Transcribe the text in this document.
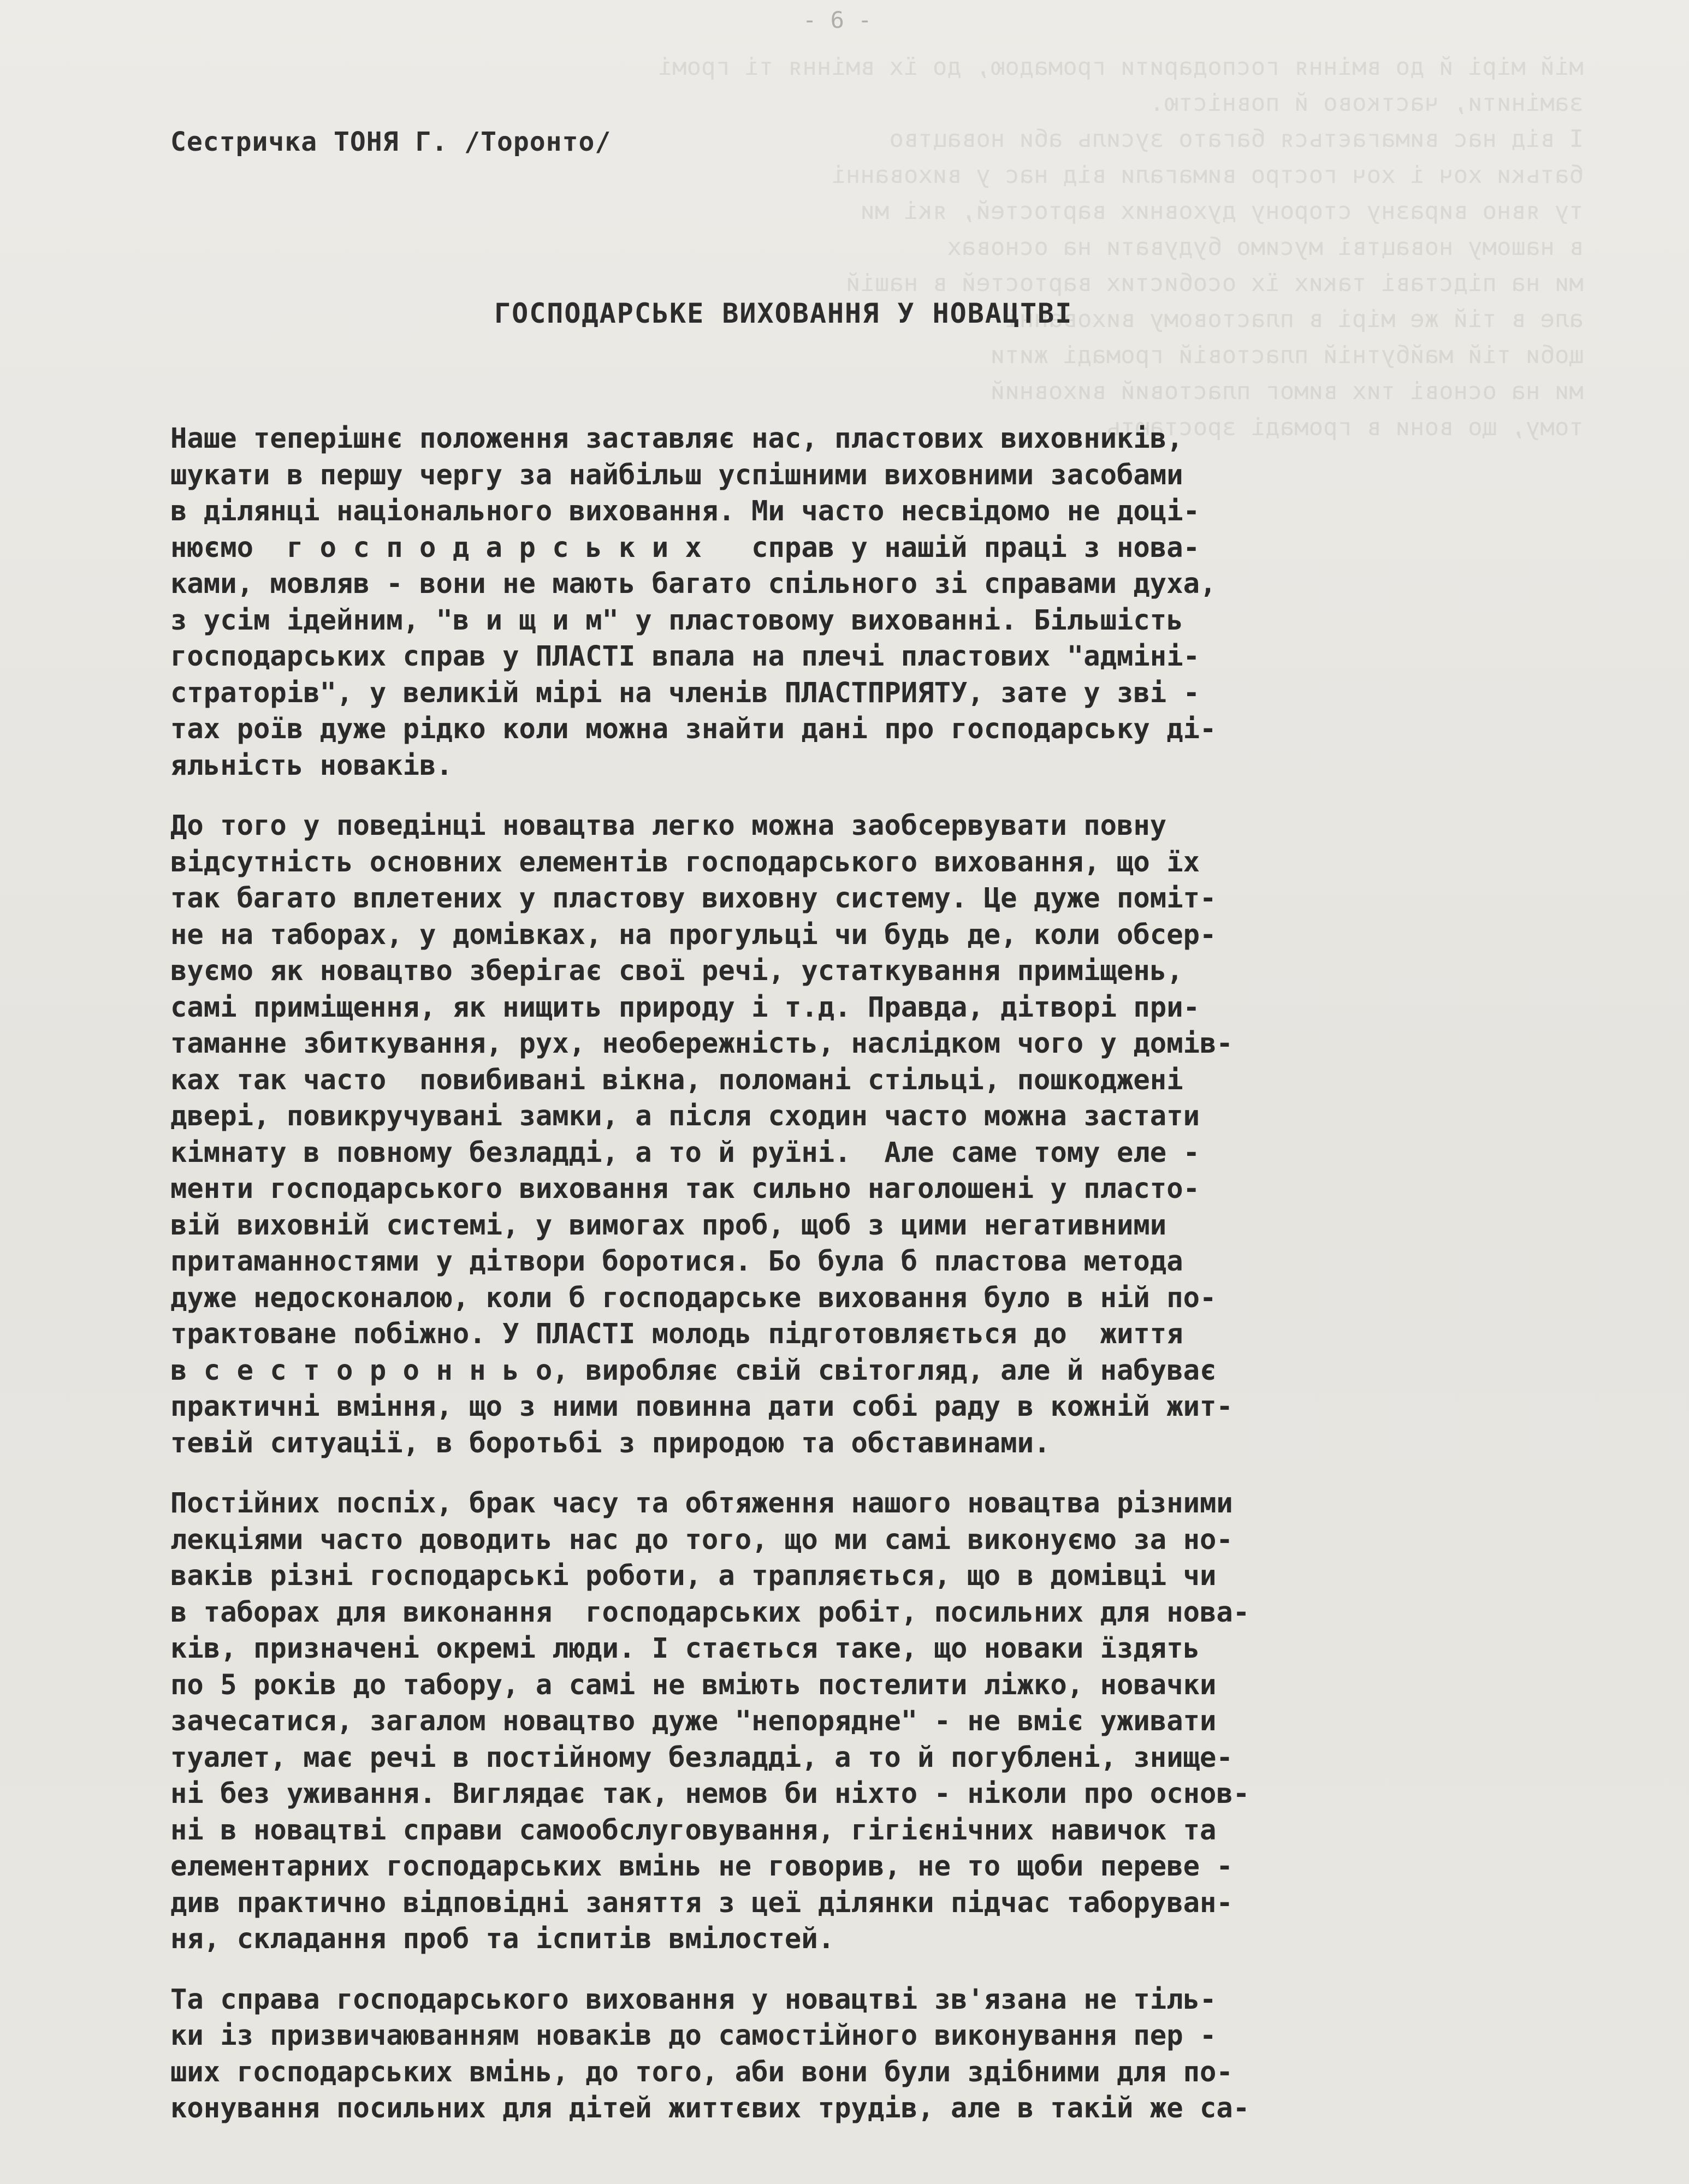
мій мірі й до вміння господарити громадою, до їх вміння ті громі
замінити, частково й повністю.
І від нас вимагається багато зусиль аби новацтво
батьки хоч і хоч гостро вимагали від нас у вихованні
ту явно виразну сторону духовних вартостей, які ми
в нашому новацтві мусимо будувати на основах
ми на підставі таких їх особистих вартостей в нашій
але в тій же мірі в пластовому вихованні
щоби тій майбутній пластовій громаді жити
ми на основі тих вимог пластовий виховний
тому, що вони в громаді зростають.
- 6 -
Сестричка ТОНЯ Г. /Торонто/
ГОСПОДАРСЬКЕ ВИХОВАННЯ У НОВАЦТВІ
Наше теперішнє положення заставляє нас, пластових виховників,
шукати в першу чергу за найбільш успішними виховними засобами
в ділянці національного виховання. Ми часто несвідомо не доці-
нюємо  г о с п о д а р с ь к и х   справ у нашій праці з нова-
ками, мовляв - вони не мають багато спільного зі справами духа,
з усім ідейним, "в и щ и м" у пластовому вихованні. Більшість
господарських справ у ПЛАСТІ впала на плечі пластових "адміні-
страторів", у великій мірі на членів ПЛАСТПРИЯТУ, зате у зві -
тах роїв дуже рідко коли можна знайти дані про господарську ді-
яльність новаків.
До того у поведінці новацтва легко можна заобсервувати повну
відсутність основних елементів господарського виховання, що їх
так багато вплетених у пластову виховну систему. Це дуже поміт-
не на таборах, у домівках, на прогульці чи будь де, коли обсер-
вуємо як новацтво зберігає свої речі, устаткування приміщень,
самі приміщення, як нищить природу і т.д. Правда, дітворі при-
таманне збиткування, рух, необережність, наслідком чого у домів-
ках так часто  повибивані вікна, поломані стільці, пошкоджені
двері, повикручувані замки, а після сходин часто можна застати
кімнату в повному безладді, а то й руїні.  Але саме тому еле -
менти господарського виховання так сильно наголошені у пласто-
вій виховній системі, у вимогах проб, щоб з цими негативними
притаманностями у дітвори боротися. Бо була б пластова метода
дуже недосконалою, коли б господарське виховання було в ній по-
трактоване побіжно. У ПЛАСТІ молодь підготовляється до  життя
в с е с т о р о н н ь о, виробляє свій світогляд, але й набуває
практичні вміння, що з ними повинна дати собі раду в кожній жит-
тевій ситуації, в боротьбі з природою та обставинами.
Постійних поспіх, брак часу та обтяження нашого новацтва різними
лекціями часто доводить нас до того, що ми самі виконуємо за но-
ваків різні господарські роботи, а трапляється, що в домівці чи
в таборах для виконання  господарських робіт, посильних для нова-
ків, призначені окремі люди. І стається таке, що новаки їздять
по 5 років до табору, а самі не вміють постелити ліжко, новачки
зачесатися, загалом новацтво дуже "непорядне" - не вміє уживати
туалет, має речі в постійному безладді, а то й погублені, знище-
ні без уживання. Виглядає так, немов би ніхто - ніколи про основ-
ні в новацтві справи самообслуговування, гігієнічних навичок та
елементарних господарських вмінь не говорив, не то щоби переве -
див практично відповідні заняття з цеї ділянки підчас таборуван-
ня, складання проб та іспитів вмілостей.
Та справа господарського виховання у новацтві зв'язана не тіль-
ки із призвичаюванням новаків до самостійного виконування пер -
ших господарських вмінь, до того, аби вони були здібними для по-
конування посильних для дітей життєвих трудів, але в такій же са-
